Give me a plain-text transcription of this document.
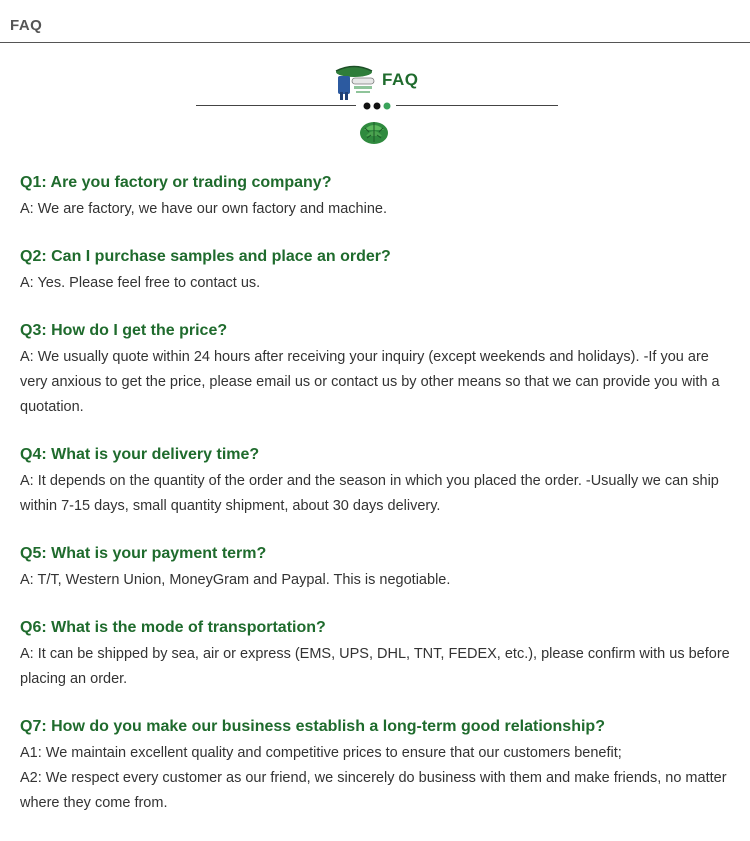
FAQ
FAQ

Q1: Are you factory or trading company?

A: We are factory, we have our own factory and machine.

Q2: Can I purchase samples and place an order?

A: Yes. Please feel free to contact us.

Q3: How do I get the price?

A: We usually quote within 24 hours after receiving your inquiry (except weekends and holidays). -If you are very anxious to get the price, please email us or contact us by other means so that we can provide you with a quotation.

Q4: What is your delivery time?

A: It depends on the quantity of the order and the season in which you placed the order. -Usually we can ship within 7-15 days, small quantity shipment, about 30 days delivery.

Q5: What is your payment term?

A: T/T, Western Union, MoneyGram and Paypal. This is negotiable.

Q6: What is the mode of transportation?

A: It can be shipped by sea, air or express (EMS, UPS, DHL, TNT, FEDEX, etc.), please confirm with us before placing an order.

Q7: How do you make our business establish a long-term good relationship?

A1: We maintain excellent quality and competitive prices to ensure that our customers benefit;

A2: We respect every customer as our friend, we sincerely do business with them and make friends, no matter where they come from.
